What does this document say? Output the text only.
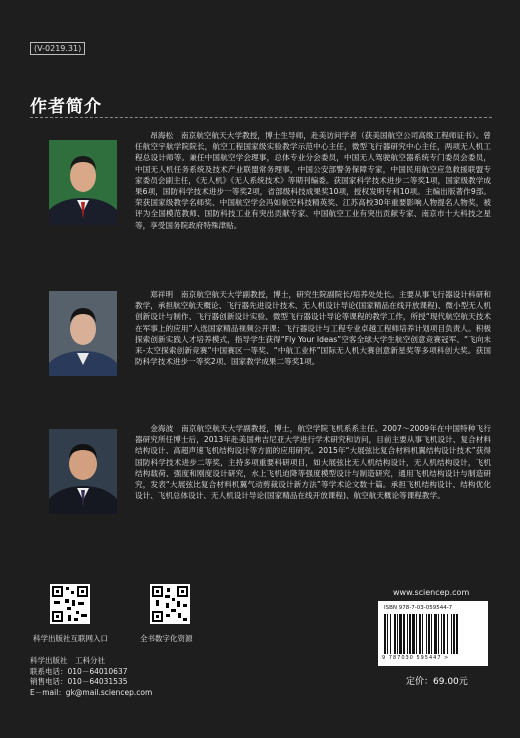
(V-0219.31)
作者简介
昂海松　南京航空航天大学教授，博士生导师，赴美访问学者（获美国航空公司高级工程师证书）。曾任航空宇航学院院长，航空工程国家级实验教学示范中心主任，微型飞行器研究中心主任，两项无人机工程总设计师等。兼任中国航空学会理事，总体专业分会委员，中国无人驾驶航空器系统专门委员会委员，中国无人机任务系统及技术产业联盟常务理事，中国公安部警务保障专家，中国民用航空应急救援联盟专家委员会副主任，《无人机》《无人系统技术》等期刊编委。获国家科学技术进步二等奖1项，国家级教学成果6项，国防科学技术进步一等奖2项，省部级科技成果奖10项，授权发明专利10项。主编出版著作9部。荣获国家级教学名师奖、中国航空学会冯如航空科技精英奖、江苏高校30年重要影响人物提名人物奖，被评为全国模范教师、国防科技工业有突出贡献专家、中国航空工业有突出贡献专家、南京市十大科技之星等，享受国务院政府特殊津贴。
郑祥明　南京航空航天大学副教授，博士，研究生院副院长/培养处处长。主要从事飞行器设计科研和教学，承担航空航天概论、飞行器先进设计技术、无人机设计导论(国家精品在线开放课程)、微小型无人机创新设计与制作、飞行器创新设计实验、微型飞行器设计导论等课程的教学工作，所授“现代航空航天技术在军事上的应用”入选国家精品视频公开课；飞行器设计与工程专业卓越工程师培养计划项目负责人。积极探索创新实践人才培养模式，指导学生获得“Fly Your Ideas”空客全球大学生航空创意竞赛冠军、“飞向未来-太空探索创新竞赛”中国赛区一等奖、“中航工业杯”国际无人机大赛创意新星奖等多项科创大奖。获国防科学技术进步一等奖2项、国家教学成果二等奖1项。
金海波　南京航空航天大学副教授，博士，航空学院飞机系系主任。2007～2009年在中国特种飞行器研究所任博士后，2013年赴美国弗吉尼亚大学进行学术研究和访问，目前主要从事飞机设计、复合材料结构设计、高超声速飞机结构设计等方面的应用研究。2015年“大展弦比复合材料机翼结构设计技术”获得国防科学技术进步二等奖，主持多项重要科研项目，如大展弦比无人机结构设计，无人机结构设计，飞机结构载荷、强度和刚度设计研究，水上飞机迫降等强度模型设计与制造研究，通用飞机结构设计与制造研究，发表“大展弦比复合材料机翼气动剪裁设计新方法”等学术论文数十篇。承担飞机结构设计、结构优化设计、飞机总体设计、无人机设计导论(国家精品在线开放课程)、航空航天概论等课程教学。
科学出版社互联网入口	全书数字化资源
科学出版社　工科分社
联系电话：010－64010637
销售电话：010－64031535
E－mail：gk@mail.sciencep.com
www.sciencep.com
ISBN 978-7-03-059544-7
9 787030 595447 >
定价：69.00元
